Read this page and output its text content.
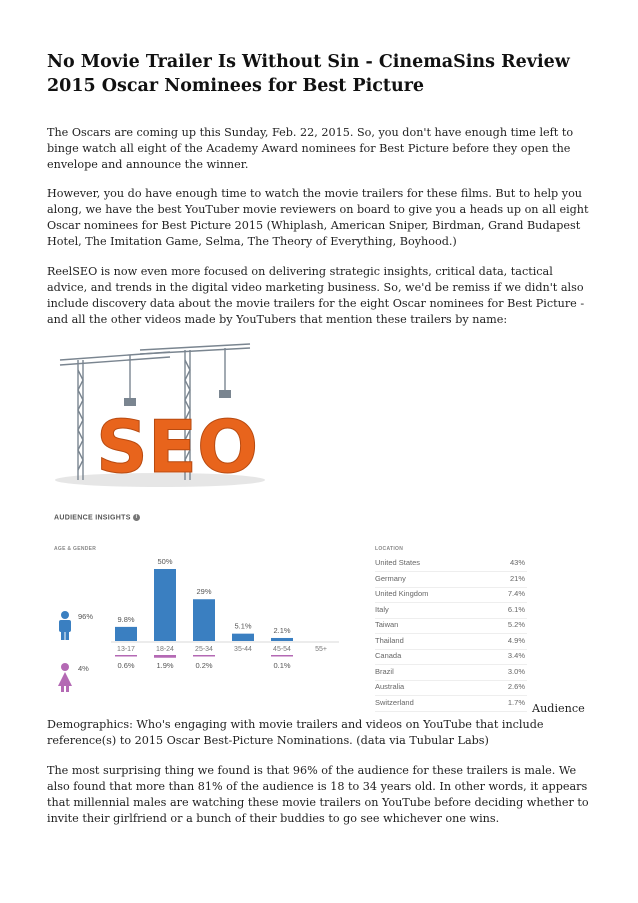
No Movie Trailer Is Without Sin - CinemaSins Review 2015 Oscar Nominees for Best Picture

The Oscars are coming up this Sunday, Feb. 22, 2015. So, you don't have enough time left to binge watch all eight of the Academy Award nominees for Best Picture before they open the envelope and announce the winner.

However, you do have enough time to watch the movie trailers for these films. But to help you along, we have the best YouTuber movie reviewers on board to give you a heads up on all eight Oscar nominees for Best Picture 2015 (Whiplash, American Sniper, Birdman, Grand Budapest Hotel, The Imitation Game, Selma, The Theory of Everything, Boyhood.)

ReelSEO is now even more focused on delivering strategic insights, critical data, tactical advice, and trends in the digital video marketing business. So, we'd be remiss if we didn't also include discovery data about the movie trailers for the eight Oscar nominees for Best Picture - and all the other videos made by YouTubers that mention these trailers by name:

SEO
AUDIENCE INSIGHTS i
AGE & GENDER
96%
4%
9.8%
13-17
0.6%
50%
18-24
1.9%
29%
25-34
0.2%
5.1%
35-44
2.1%
45-54
0.1%
55+
LOCATION
United States	43%
Germany	21%
United Kingdom	7.4%
Italy	6.1%
Taiwan	5.2%
Thailand	4.9%
Canada	3.4%
Brazil	3.0%
Australia	2.6%
Switzerland	1.7% Audience

Demographics: Who's engaging with movie trailers and videos on YouTube that include reference(s) to 2015 Oscar Best-Picture Nominations. (data via Tubular Labs)

The most surprising thing we found is that 96% of the audience for these trailers is male. We also found that more than 81% of the audience is 18 to 34 years old. In other words, it appears that millennial males are watching these movie trailers on YouTube before deciding whether to invite their girlfriend or a bunch of their buddies to go see whichever one wins.
